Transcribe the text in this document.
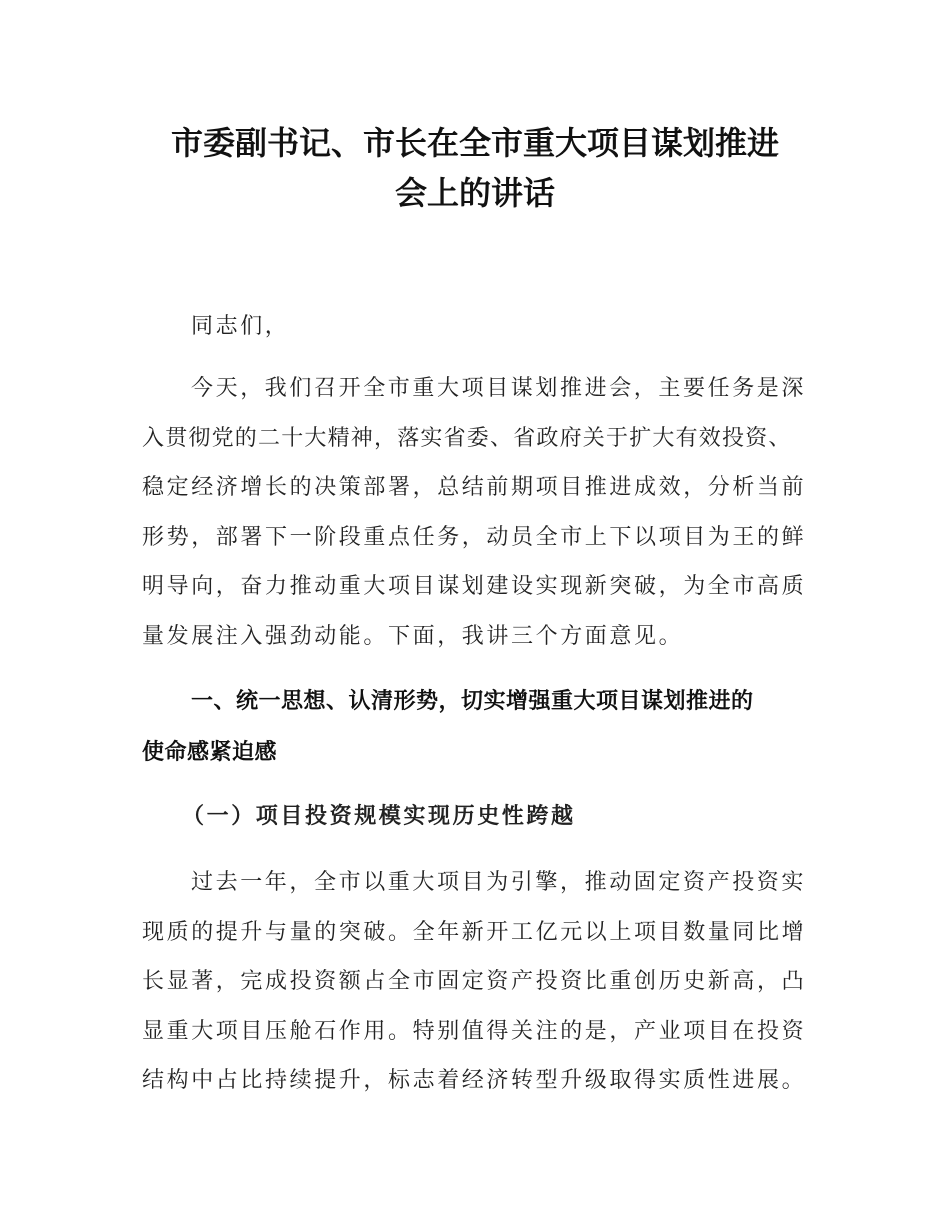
市委副书记、市长在全市重大项目谋划推进
会上的讲话

同志们，

今天，我们召开全市重大项目谋划推进会，主要任务是深
入贯彻党的二十大精神，落实省委、省政府关于扩大有效投资、
稳定经济增长的决策部署，总结前期项目推进成效，分析当前
形势，部署下一阶段重点任务，动员全市上下以项目为王的鲜
明导向，奋力推动重大项目谋划建设实现新突破，为全市高质
量发展注入强劲动能。下面，我讲三个方面意见。

一、统一思想、认清形势，切实增强重大项目谋划推进的
使命感紧迫感
（一）项目投资规模实现历史性跨越

过去一年，全市以重大项目为引擎，推动固定资产投资实
现质的提升与量的突破。全年新开工亿元以上项目数量同比增
长显著，完成投资额占全市固定资产投资比重创历史新高，凸
显重大项目压舱石作用。特别值得关注的是，产业项目在投资
结构中占比持续提升，标志着经济转型升级取得实质性进展。
